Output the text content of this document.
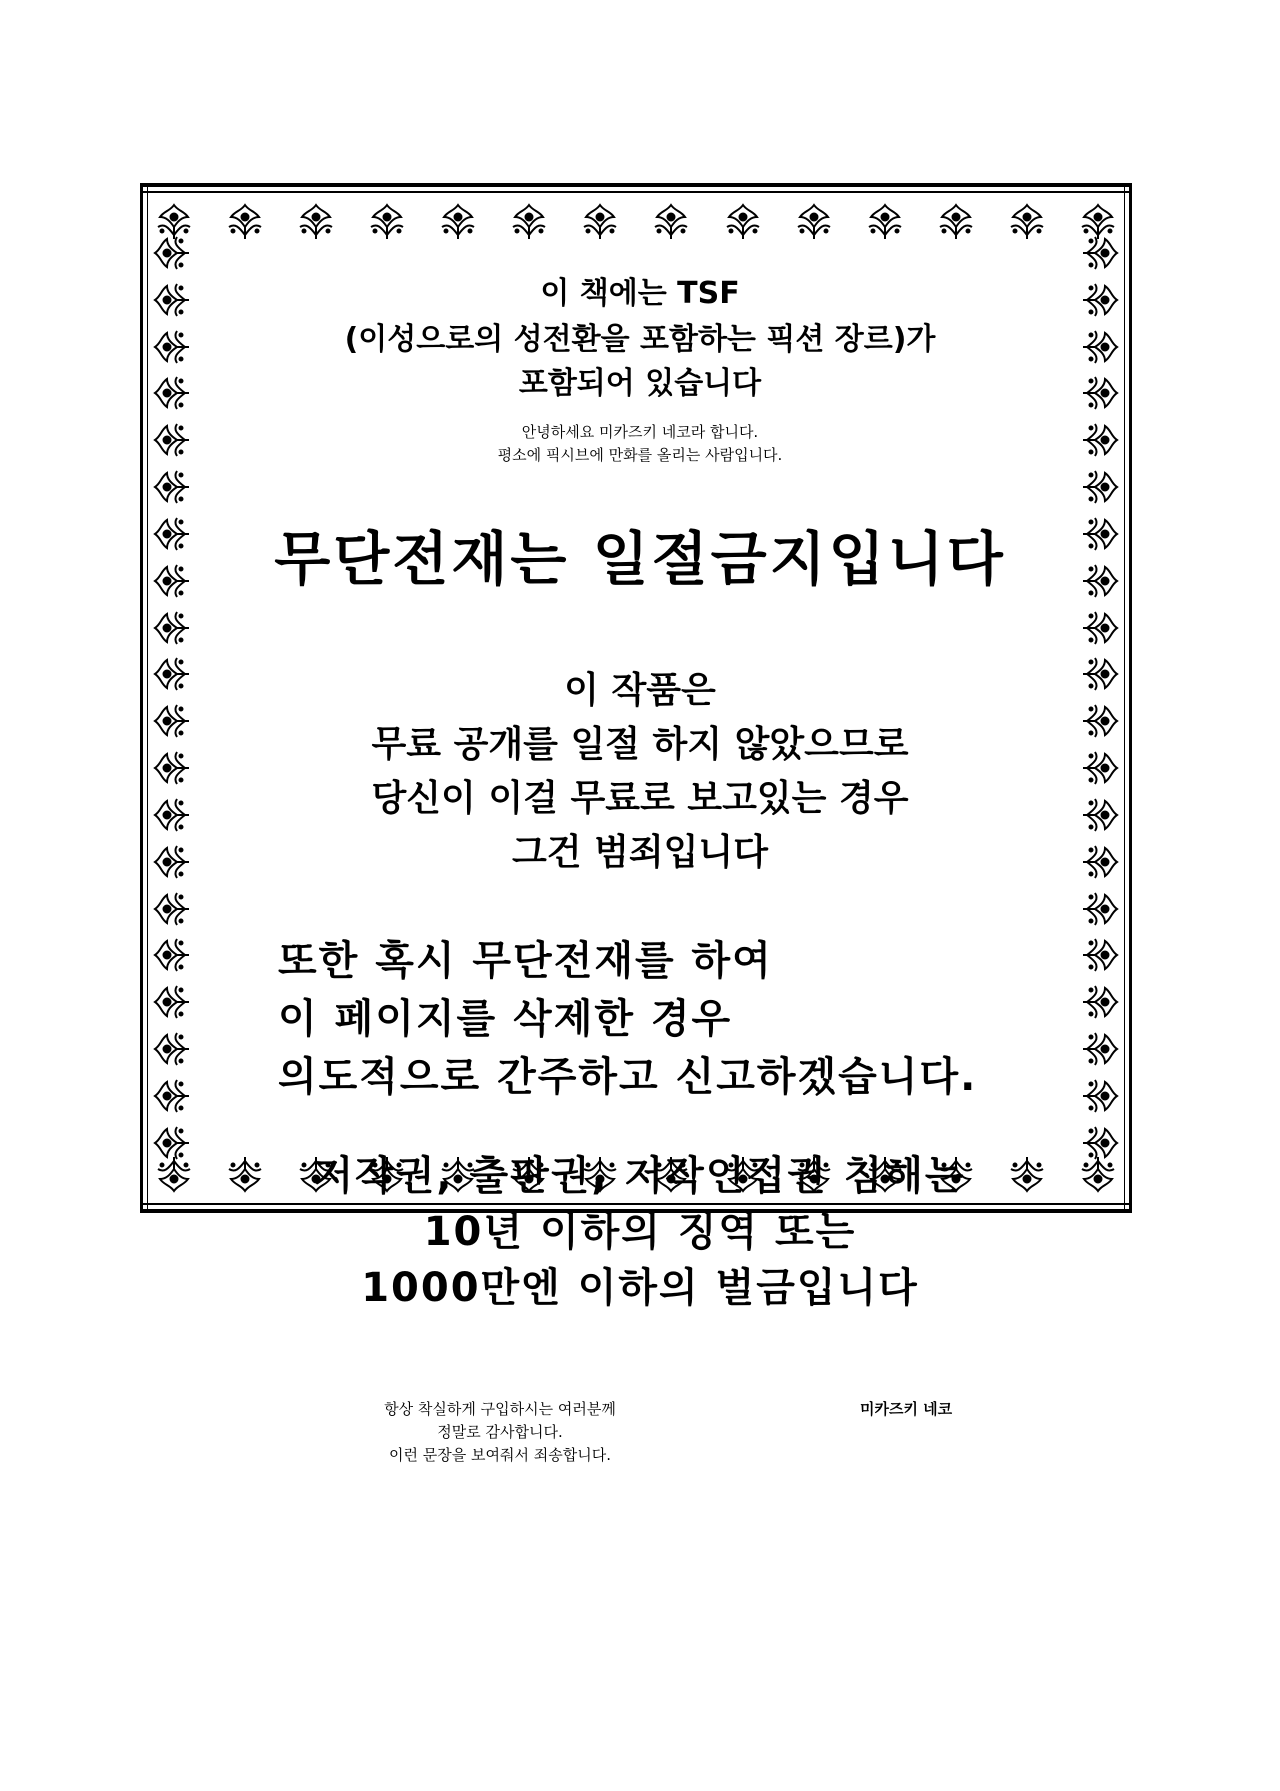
이 책에는 TSF
(이성으로의 성전환을 포함하는 픽션 장르)가
포함되어 있습니다
안녕하세요 미카즈키 네코라 합니다.
평소에 픽시브에 만화를 올리는 사람입니다.
무단전재는 일절금지입니다
이 작품은
무료 공개를 일절 하지 않았으므로
당신이 이걸 무료로 보고있는 경우
그건 범죄입니다
또한 혹시 무단전재를 하여
이 페이지를 삭제한 경우
의도적으로 간주하고 신고하겠습니다.
저작권, 출판권, 저작인접권 침해는
10년 이하의 징역 또는
1000만엔 이하의 벌금입니다
항상 착실하게 구입하시는 여러분께
정말로 감사합니다.
이런 문장을 보여줘서 죄송합니다.
미카즈키 네코
